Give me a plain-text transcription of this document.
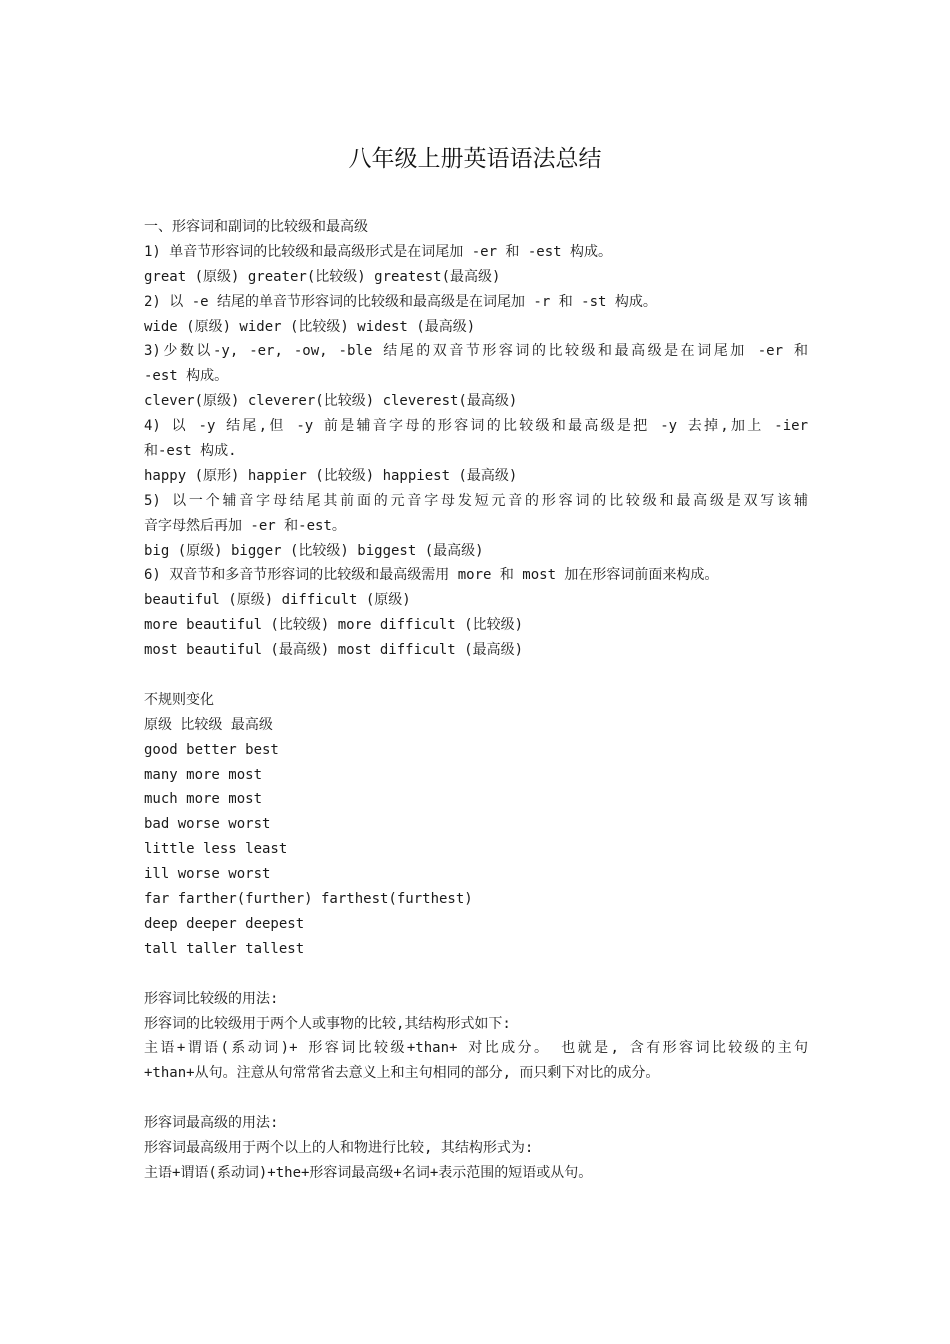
八年级上册英语语法总结
一、形容词和副词的比较级和最高级
1) 单音节形容词的比较级和最高级形式是在词尾加 -er 和 -est 构成。
great (原级) greater(比较级) greatest(最高级)
2) 以 -e 结尾的单音节形容词的比较级和最高级是在词尾加 -r 和 -st 构成。
wide (原级) wider (比较级) widest (最高级)
3)少数以-y, -er, -ow, -ble 结尾的双音节形容词的比较级和最高级是在词尾加 -er 和
-est 构成。
clever(原级) cleverer(比较级) cleverest(最高级)
4) 以 -y 结尾,但 -y 前是辅音字母的形容词的比较级和最高级是把 -y 去掉,加上 -ier
和-est 构成.
happy (原形) happier (比较级) happiest (最高级)
5) 以一个辅音字母结尾其前面的元音字母发短元音的形容词的比较级和最高级是双写该辅
音字母然后再加 -er 和-est。
big (原级) bigger (比较级) biggest (最高级)
6) 双音节和多音节形容词的比较级和最高级需用 more 和 most 加在形容词前面来构成。
beautiful (原级) difficult (原级)
more beautiful (比较级) more difficult (比较级)
most beautiful (最高级) most difficult (最高级)
不规则变化
原级 比较级 最高级
good better best
many more most
much more most
bad worse worst
little less least
ill worse worst
far farther(further) farthest(furthest)
deep deeper deepest
tall taller tallest
形容词比较级的用法:
形容词的比较级用于两个人或事物的比较,其结构形式如下:
主语+谓语(系动词)+ 形容词比较级+than+ 对比成分。 也就是, 含有形容词比较级的主句
+than+从句。注意从句常常省去意义上和主句相同的部分, 而只剩下对比的成分。
形容词最高级的用法:
形容词最高级用于两个以上的人和物进行比较, 其结构形式为:
主语+谓语(系动词)+the+形容词最高级+名词+表示范围的短语或从句。
